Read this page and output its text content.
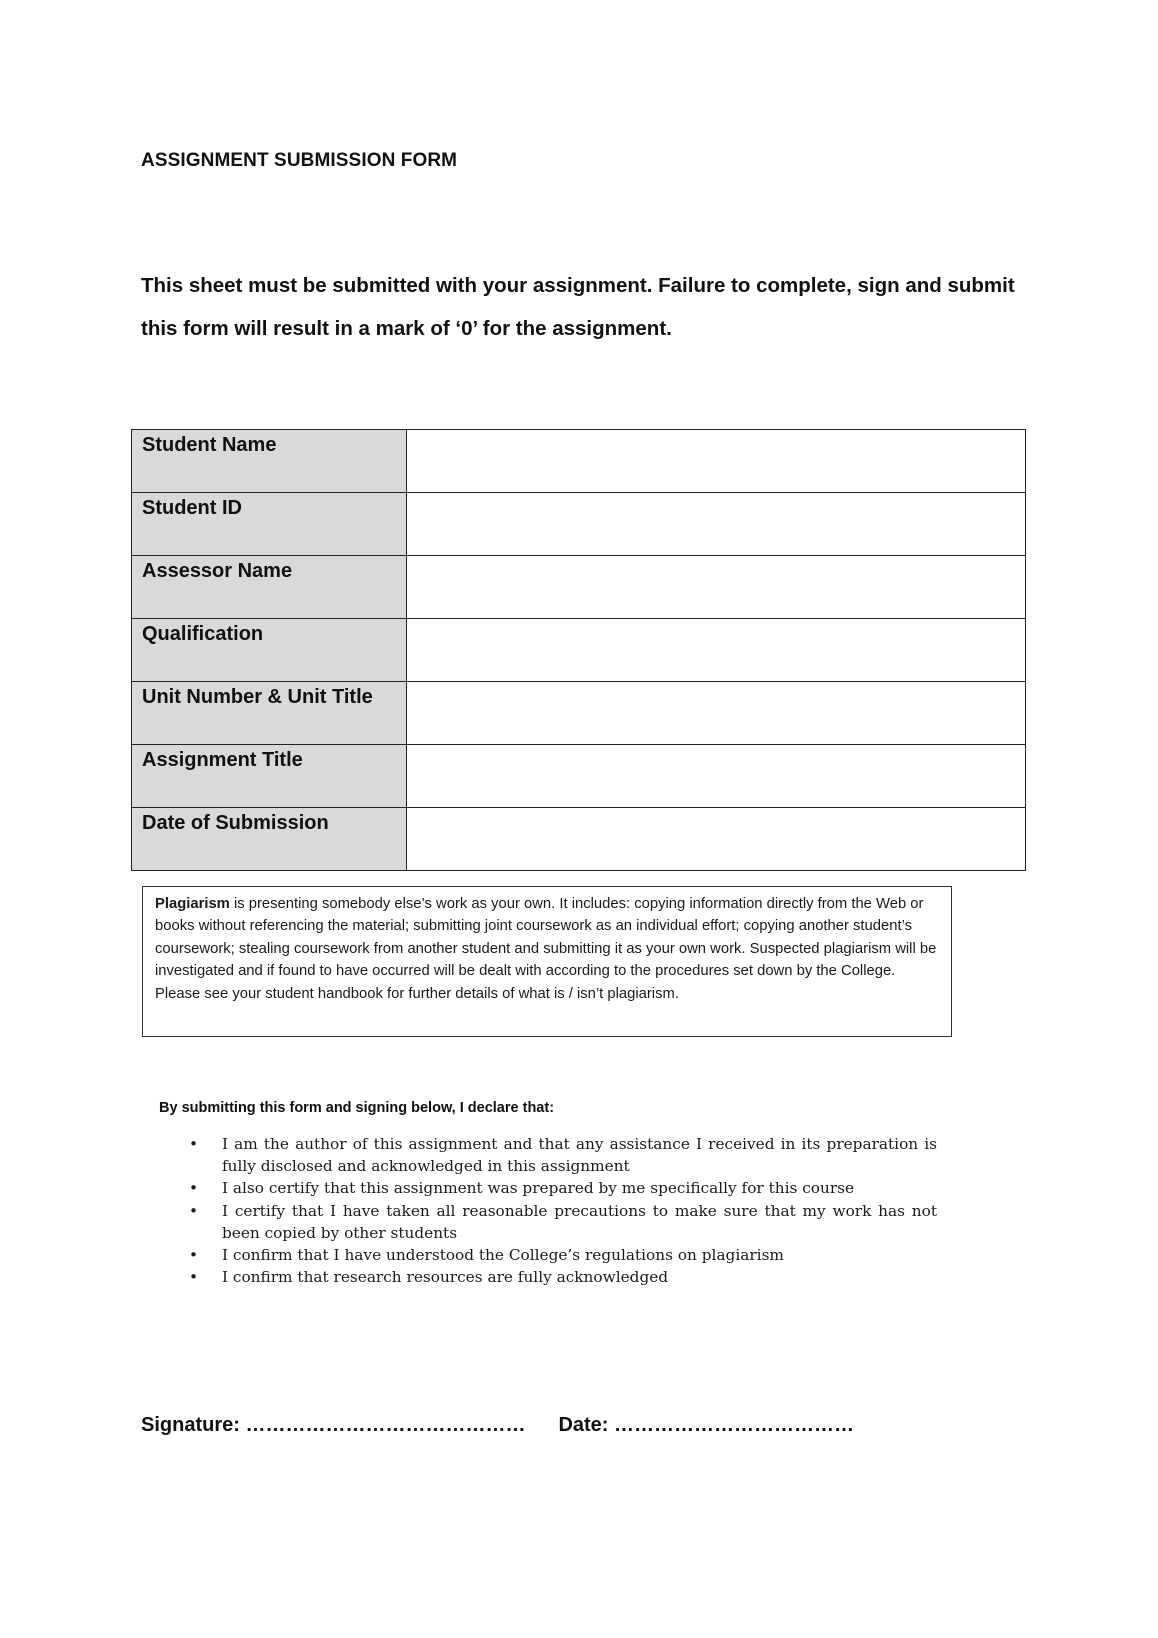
ASSIGNMENT SUBMISSION FORM
This sheet must be submitted with your assignment. Failure to complete, sign and submit this form will result in a mark of ‘0’ for the assignment.
Student Name	
Student ID	
Assessor Name	
Qualification	
Unit Number & Unit Title	
Assignment Title	
Date of Submission	
Plagiarism is presenting somebody else’s work as your own. It includes: copying information directly from the Web or books without referencing the material; submitting joint coursework as an individual effort; copying another student’s coursework; stealing coursework from another student and submitting it as your own work. Suspected plagiarism will be investigated and if found to have occurred will be dealt with according to the procedures set down by the College. Please see your student handbook for further details of what is / isn’t plagiarism.
By submitting this form and signing below, I declare that:
• I am the author of this assignment and that any assistance I received in its preparation is fully disclosed and acknowledged in this assignment
• I also certify that this assignment was prepared by me specifically for this course
• I certify that I have taken all reasonable precautions to make sure that my work has not been copied by other students
• I confirm that I have understood the College’s regulations on plagiarism
• I confirm that research resources are fully acknowledged
Signature: …………………………………… Date: ………………………………
